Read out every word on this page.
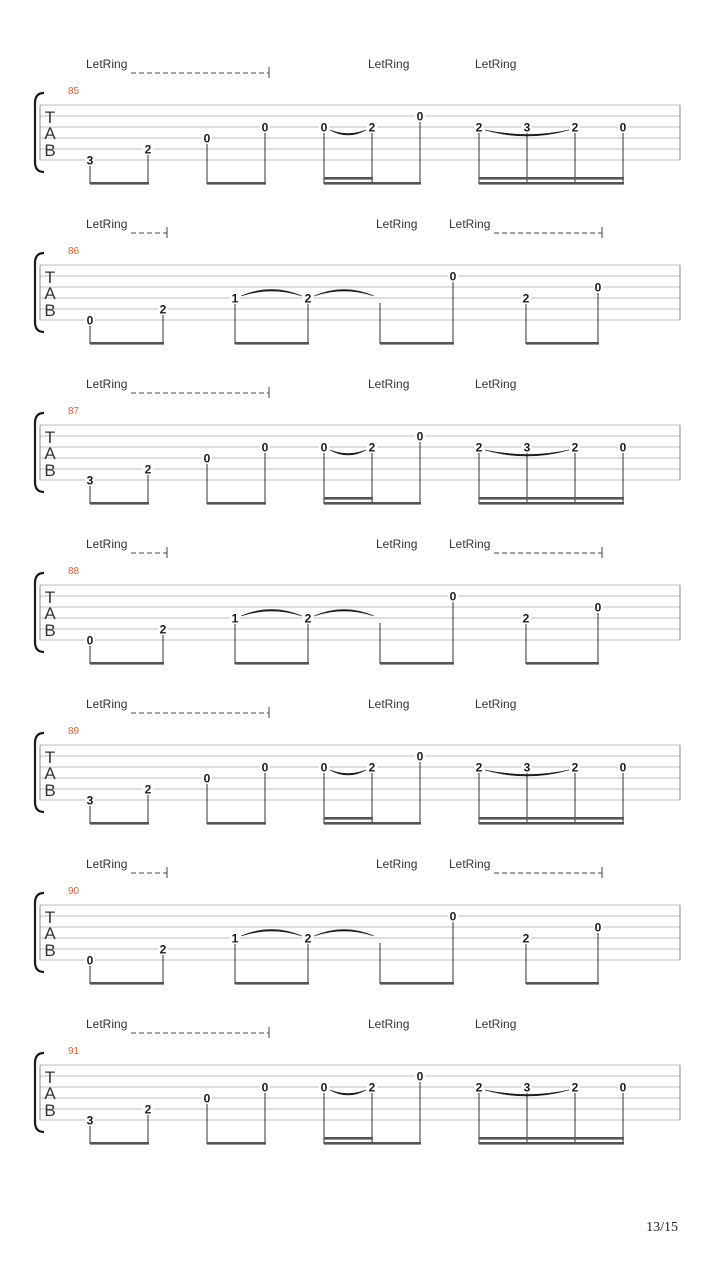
T
A
B
85
LetRing	LetRing	LetRing
3
2
0
0	0	2
0
2	3	2	0
T
A
B
86
LetRing	LetRing	LetRing
0
2
1	2
0
2
0
T
A
B
87
LetRing	LetRing	LetRing
3
2
0
0	0	2
0
2	3	2	0
T
A
B
88
LetRing	LetRing	LetRing
0
2
1	2
0
2
0
T
A
B
89
LetRing	LetRing	LetRing
3
2
0
0	0	2
0
2	3	2	0
T
A
B
90
LetRing	LetRing	LetRing
0
2
1	2
0
2
0
T
A
B
91
LetRing	LetRing	LetRing
3
2
0
0	0	2
0
2	3	2	0
13/15
